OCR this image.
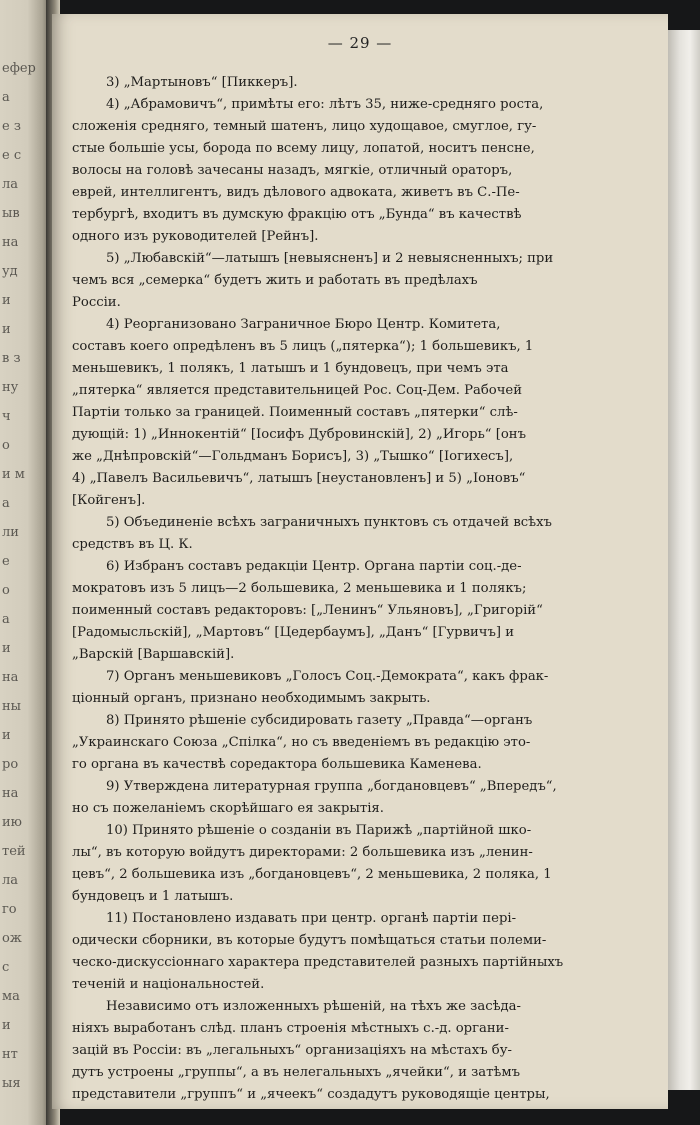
ефер
а
е з
е с
ла
ыв
на
уд
и
и
в з
ну
ч
о
и м
а
ли
е
о
а
и
на
ны
и
ро
на
ию
тей
ла
го
ож
с
ма
и
нт
ыя
— 29 —
3) „Мартыновъ“ [Пиккеръ].
4) „Абрамовичъ“, примѣты его: лѣтъ 35, ниже-средняго роста,
сложенія средняго, темный шатенъ, лицо худощавое, смуглое, гу-
стые большіе усы, борода по всему лицу, лопатой, носитъ пенсне,
волосы на головѣ зачесаны назадъ, мягкіе, отличный ораторъ,
еврей, интеллигентъ, видъ дѣлового адвоката, живетъ въ С.-Пе-
тербургѣ, входитъ въ думскую фракцію отъ „Бунда“ въ качествѣ
одного изъ руководителей [Рейнъ].
5) „Любавскій“—латышъ [невыясненъ] и 2 невыясненныхъ; при
чемъ вся „семерка“ будетъ жить и работать въ предѣлахъ
Россіи.
4) Реорганизовано Заграничное Бюро Центр. Комитета,
составъ коего опредѣленъ въ 5 лицъ („пятерка“); 1 большевикъ, 1
меньшевикъ, 1 полякъ, 1 латышъ и 1 бундовецъ, при чемъ эта
„пятерка“ является представительницей Рос. Соц-Дем. Рабочей
Партіи только за границей. Поименный составъ „пятерки“ слѣ-
дующій: 1) „Иннокентій“ [Іосифъ Дубровинскій], 2) „Игорь“ [онъ
же „Днѣпровскій“—Гольдманъ Борисъ], 3) „Тышко“ [Іогихесъ],
4) „Павелъ Васильевичъ“, латышъ [неустановленъ] и 5) „Іоновъ“
[Койгенъ].
5) Объединеніе всѣхъ заграничныхъ пунктовъ съ отдачей всѣхъ
средствъ въ Ц. К.
6) Избранъ составъ редакціи Центр. Органа партіи соц.-де-
мократовъ изъ 5 лицъ—2 большевика, 2 меньшевика и 1 полякъ;
поименный составъ редакторовъ: [„Ленинъ“ Ульяновъ], „Григорій“
[Радомысльскій], „Мартовъ“ [Цедербаумъ], „Данъ“ [Гурвичъ] и
„Варскій [Варшавскій].
7) Органъ меньшевиковъ „Голосъ Соц.-Демократа“, какъ фрак-
ціонный органъ, признано необходимымъ закрыть.
8) Принято рѣшеніе субсидировать газету „Правда“—органъ
„Украинскаго Союза „Спілка“, но съ введеніемъ въ редакцію это-
го органа въ качествѣ соредактора большевика Каменева.
9) Утверждена литературная группа „богдановцевъ“ „Впередъ“,
но съ пожеланіемъ скорѣйшаго ея закрытія.
10) Принято рѣшеніе о созданіи въ Парижѣ „партійной шко-
лы“, въ которую войдутъ директорами: 2 большевика изъ „ленин-
цевъ“, 2 большевика изъ „богдановцевъ“, 2 меньшевика, 2 поляка, 1
бундовецъ и 1 латышъ.
11) Постановлено издавать при центр. органѣ партіи пері-
одически сборники, въ которые будутъ помѣщаться статьи полеми-
ческо-дискуссіоннаго характера представителей разныхъ партійныхъ
теченій и національностей.
Независимо отъ изложенныхъ рѣшеній, на тѣхъ же засѣда-
ніяхъ выработанъ слѣд. планъ строенія мѣстныхъ с.-д. органи-
зацій въ Россіи: въ „легальныхъ“ организаціяхъ на мѣстахъ бу-
дутъ устроены „группы“, а въ нелегальныхъ „ячейки“, и затѣмъ
представители „группъ“ и „ячеекъ“ создадутъ руководящіе центры,
